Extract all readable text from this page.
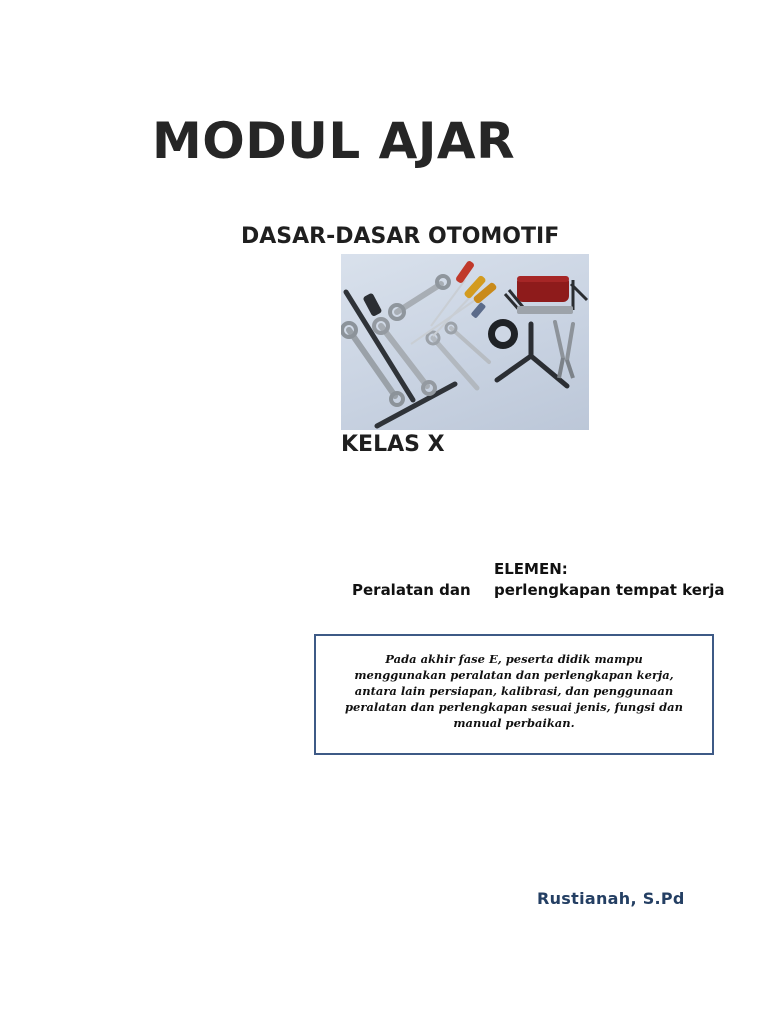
MODUL AJAR
DASAR-DASAR OTOMOTIF
KELAS X
ELEMEN:
Peralatan dan perlengkapan tempat kerja

Pada akhir fase E, peserta didik mampu menggunakan peralatan dan perlengkapan kerja, antara lain persiapan, kalibrasi, dan penggunaan peralatan dan perlengkapan sesuai jenis, fungsi dan manual perbaikan.

Rustianah, S.Pd
